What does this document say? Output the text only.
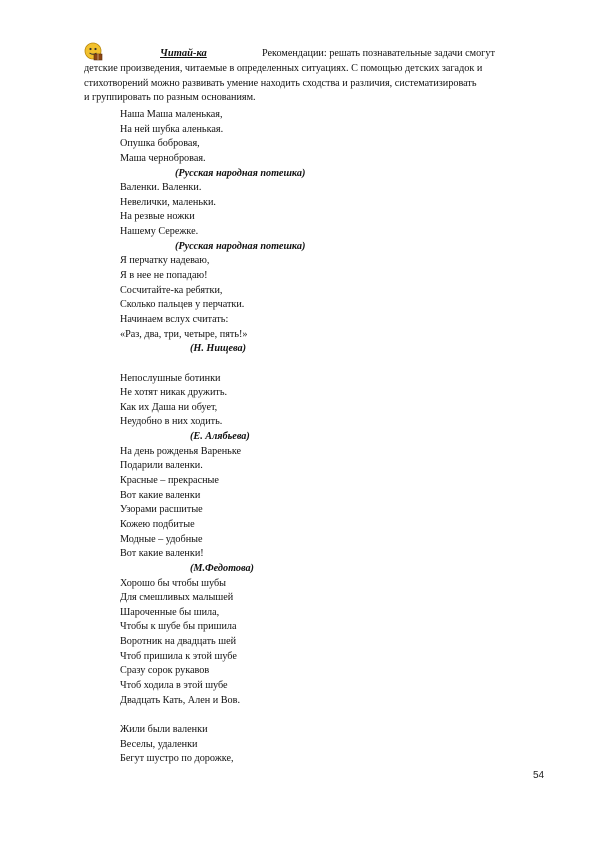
Читай-ка	Рекомендации: решать познавательные задачи смогут
детские произведения, читаемые в определенных ситуациях. С помощью детских загадок и
стихотворений можно развивать умение находить сходства и различия, систематизировать
и группировать по разным основаниям.
Наша Маша маленькая,
На ней шубка аленькая.
Опушка бобровая,
Маша чернобровая.
(Русская народная потешка)
Валенки. Валенки.
Невелички, маленьки.
На резвые ножки
Нашему Сережке.
(Русская народная потешка)
Я перчатку надеваю,
Я в нее не попадаю!
Сосчитайте-ка ребятки,
Сколько пальцев у перчатки.
Начинаем вслух считать:
«Раз, два, три, четыре, пять!»
(Н. Нищева)
Непослушные ботинки
Не хотят никак дружить.
Как их Даша ни обует,
Неудобно в них ходить.
(Е. Алябьева)
На день рожденья Вареньке
Подарили валенки.
Красные – прекрасные
Вот какие валенки
Узорами расшитые
Кожею подбитые
Модные – удобные
Вот какие валенки!
(М.Федотова)
Хорошо бы чтобы шубы
Для смешливых малышей
Шароченные бы шила,
Чтобы к шубе бы пришила
Воротник на двадцать шей
Чтоб пришила к этой шубе
Сразу сорок рукавов
Чтоб ходила в этой шубе
Двадцать Кать, Ален и Вов.
Жили были валенки
Веселы, удаленки
Бегут шустро по дорожке,
54
